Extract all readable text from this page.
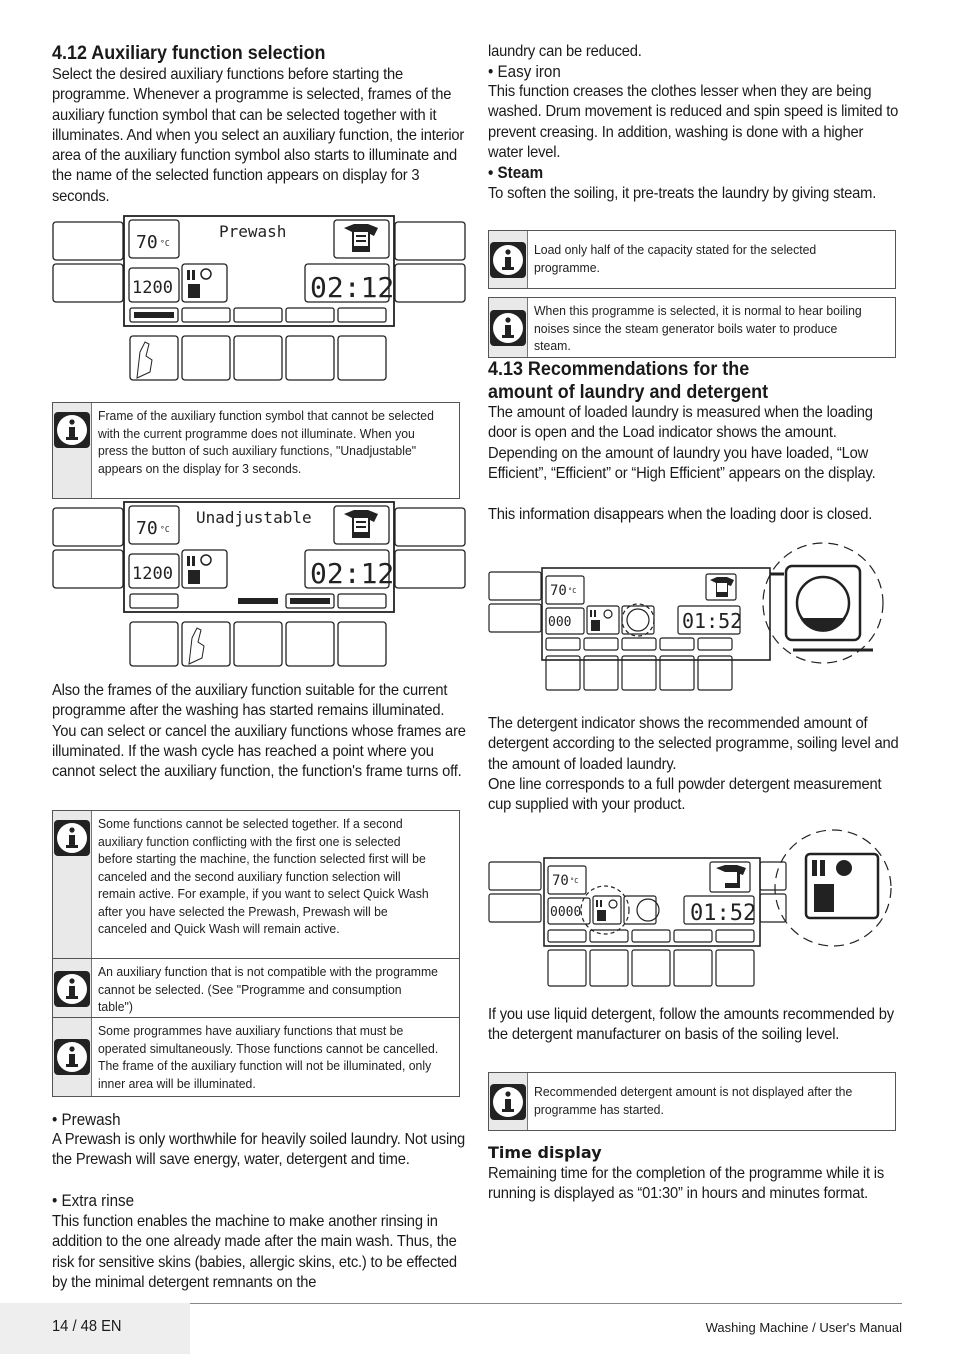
4.12 Auxiliary function selection

Select the desired auxiliary functions before starting the programme. Whenever a programme is selected, frames of the auxiliary function symbol that can be selected together with it illuminates. And when you select an auxiliary function, the interior area of the auxiliary function symbol also starts to illuminate and the name of the selected function appears on display for 3 seconds.

Prewash
70 °C
1200	02:12
Frame of the auxiliary function symbol that cannot be selected with the current programme does not illuminate. When you press the button of such auxiliary functions, "Unadjustable" appears on the display for 3 seconds.
Unadjustable
70 °C
1200	02:12

Also the frames of the auxiliary function suitable for the current programme after the washing has started remains illuminated. You can select or cancel the auxiliary functions whose frames are illuminated. If the wash cycle has reached a point where you cannot select the auxiliary function, the function's frame turns off.

Some functions cannot be selected together. If a second auxiliary function conflicting with the first one is selected before starting the machine, the function selected first will be canceled and the second auxiliary function selection will remain active. For example, if you want to select Quick Wash after you have selected the Prewash, Prewash will be canceled and Quick Wash will remain active.
An auxiliary function that is not compatible with the programme cannot be selected. (See "Programme and consumption table")
Some programmes have auxiliary functions that must be operated simultaneously. Those functions cannot be cancelled. The frame of the auxiliary function will not be illuminated, only inner area will be illuminated.

• Prewash

A Prewash is only worthwhile for heavily soiled laundry. Not using the Prewash will save energy, water, detergent and time.

• Extra rinse

This function enables the machine to make another rinsing in addition to the one already made after the main wash. Thus, the risk for sensitive skins (babies, allergic skins, etc.) to be effected by the minimal detergent remnants on the

laundry can be reduced.

• Easy iron

This function creases the clothes lesser when they are being washed. Drum movement is reduced and spin speed is limited to prevent creasing. In addition, washing is done with a higher water level.

• Steam

To soften the soiling, it pre-treats the laundry by giving steam.

Load only half of the capacity stated for the selected programme.
When this programme is selected, it is normal to hear boiling noises since the steam generator boils water to produce steam.

4.13 Recommendations for the

amount of laundry and detergent

The amount of loaded laundry is measured when the loading door is open and the Load indicator shows the amount. Depending on the amount of laundry you have loaded, “Low Efficient”, “Efficient” or “High Efficient” appears on the display.

This information disappears when the loading door is closed.

70 °C
000	01:52

The detergent indicator shows the recommended amount of detergent according to the selected programme, soiling level and the amount of loaded laundry.

One line corresponds to a full powder detergent measurement cup supplied with your product.

70 °C
0000	01:52

If you use liquid detergent, follow the amounts recommended by the detergent manufacturer on basis of the soiling level.

Recommended detergent amount is not displayed after the programme has started.

Time display

Remaining time for the completion of the programme while it is running is displayed as “01:30” in hours and minutes format.

14 / 48 EN	Washing Machine / User's Manual
